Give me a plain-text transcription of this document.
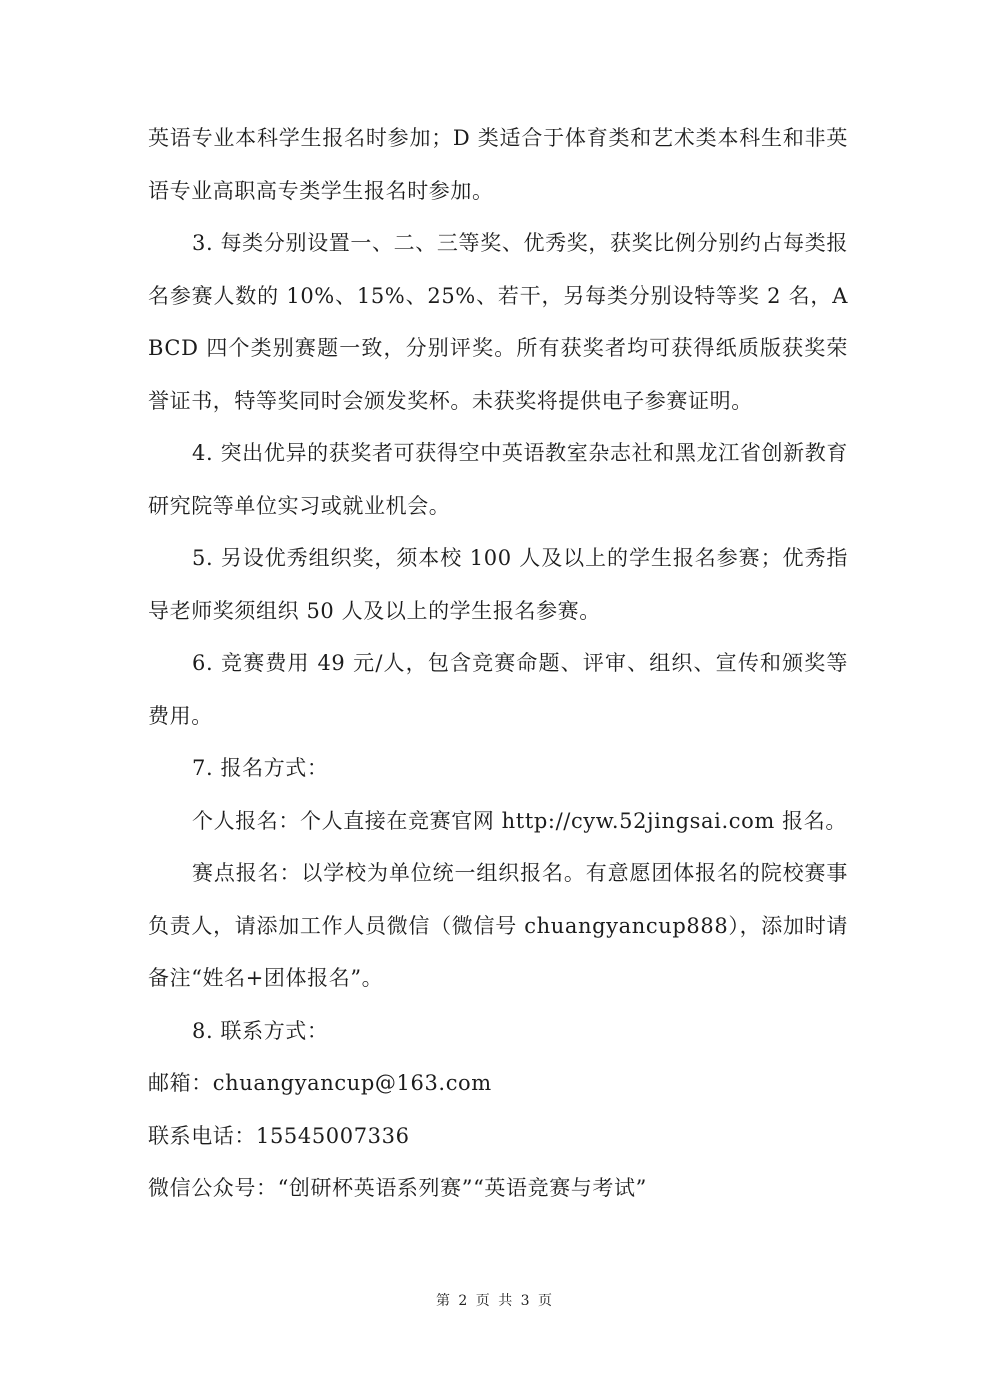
英语专业本科学生报名时参加；D 类适合于体育类和艺术类本科生和非英语专业高职高专类学生报名时参加。

3. 每类分别设置一、二、三等奖、优秀奖，获奖比例分别约占每类报名参赛人数的 10%、15%、25%、若干，另每类分别设特等奖 2 名，ABCD 四个类别赛题一致，分别评奖。所有获奖者均可获得纸质版获奖荣誉证书，特等奖同时会颁发奖杯。未获奖将提供电子参赛证明。

4. 突出优异的获奖者可获得空中英语教室杂志社和黑龙江省创新教育研究院等单位实习或就业机会。

5. 另设优秀组织奖，须本校 100 人及以上的学生报名参赛；优秀指导老师奖须组织 50 人及以上的学生报名参赛。

6. 竞赛费用 49 元/人，包含竞赛命题、评审、组织、宣传和颁奖等费用。

7. 报名方式：

个人报名：个人直接在竞赛官网 http://cyw.52jingsai.com 报名。

赛点报名：以学校为单位统一组织报名。有意愿团体报名的院校赛事负责人，请添加工作人员微信（微信号 chuangyancup888），添加时请备注“姓名+团体报名”。

8. 联系方式：

邮箱：chuangyancup@163.com

联系电话：15545007336

微信公众号：“创研杯英语系列赛”“英语竞赛与考试”

第 2 页 共 3 页
